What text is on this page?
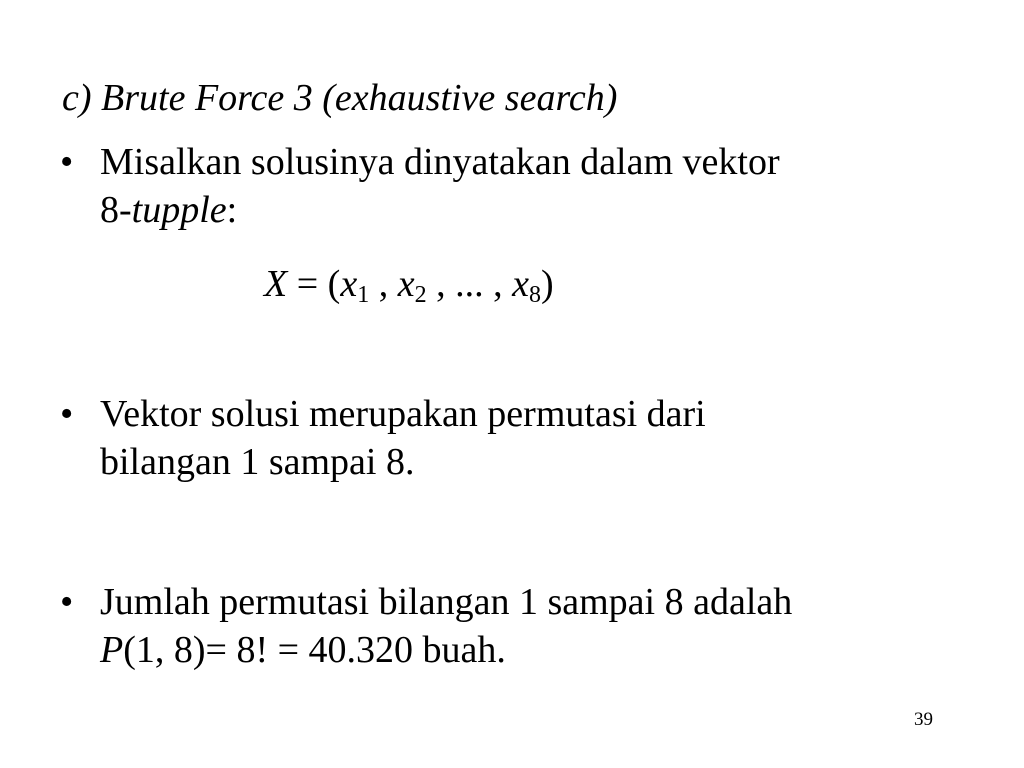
c) Brute Force 3 (exhaustive search)
• Misalkan solusinya dinyatakan dalam vektor
8-tupple:
$X = (x_1$ , $x_2$ , ... , $x_8$)
• Vektor solusi merupakan permutasi dari
bilangan 1 sampai 8.
• Jumlah permutasi bilangan 1 sampai 8 adalah
P(1, 8)= 8! = 40.320 buah.
39
